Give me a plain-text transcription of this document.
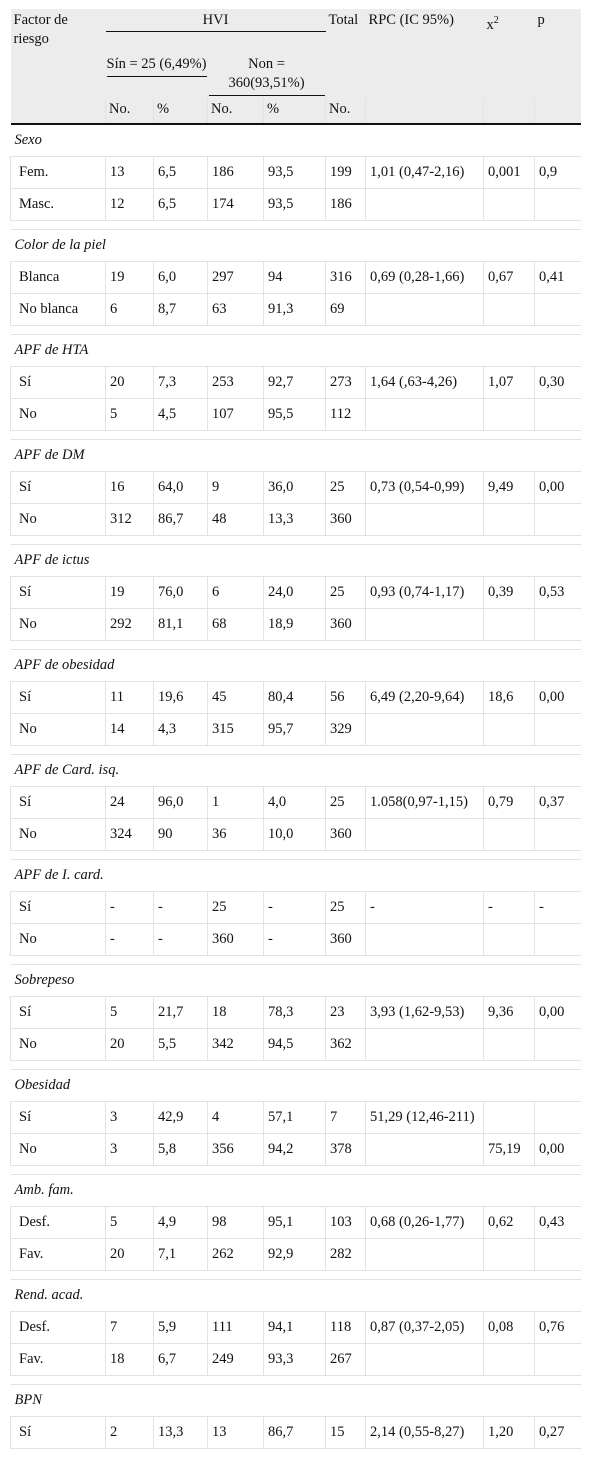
Factor de riesgo	HVI				Total	RPC (IC 95%)	$x^2$	p

	Sín = 25 (6,49%)		Non = 360(93,51%)					

	No.	%	No.	%	No.			
Sexo								
Fem.	13	6,5	186	93,5	199	1,01 (0,47-2,16)	0,001	0,9
Masc.	12	6,5	174	93,5	186			

Color de la piel								
Blanca	19	6,0	297	94	316	0,69 (0,28-1,66)	0,67	0,41
No blanca	6	8,7	63	91,3	69			

APF de HTA								
Sí	20	7,3	253	92,7	273	1,64 (,63-4,26)	1,07	0,30
No	5	4,5	107	95,5	112			

APF de DM								
Sí	16	64,0	9	36,0	25	0,73 (0,54-0,99)	9,49	0,00
No	312	86,7	48	13,3	360			

APF de ictus								
Sí	19	76,0	6	24,0	25	0,93 (0,74-1,17)	0,39	0,53
No	292	81,1	68	18,9	360			

APF de obesidad								
Sí	11	19,6	45	80,4	56	6,49 (2,20-9,64)	18,6	0,00
No	14	4,3	315	95,7	329			

APF de Card. isq.								
Sí	24	96,0	1	4,0	25	1.058(0,97-1,15)	0,79	0,37
No	324	90	36	10,0	360			

APF de I. card.								
Sí	-	-	25	-	25	-	-	-
No	-	-	360	-	360			

Sobrepeso								
Sí	5	21,7	18	78,3	23	3,93 (1,62-9,53)	9,36	0,00
No	20	5,5	342	94,5	362			

Obesidad								
Sí	3	42,9	4	57,1	7	51,29 (12,46-211)		
No	3	5,8	356	94,2	378		75,19	0,00

Amb. fam.								
Desf.	5	4,9	98	95,1	103	0,68 (0,26-1,77)	0,62	0,43
Fav.	20	7,1	262	92,9	282			

Rend. acad.								
Desf.	7	5,9	111	94,1	118	0,87 (0,37-2,05)	0,08	0,76
Fav.	18	6,7	249	93,3	267			

BPN								
Sí	2	13,3	13	86,7	15	2,14 (0,55-8,27)	1,20	0,27
